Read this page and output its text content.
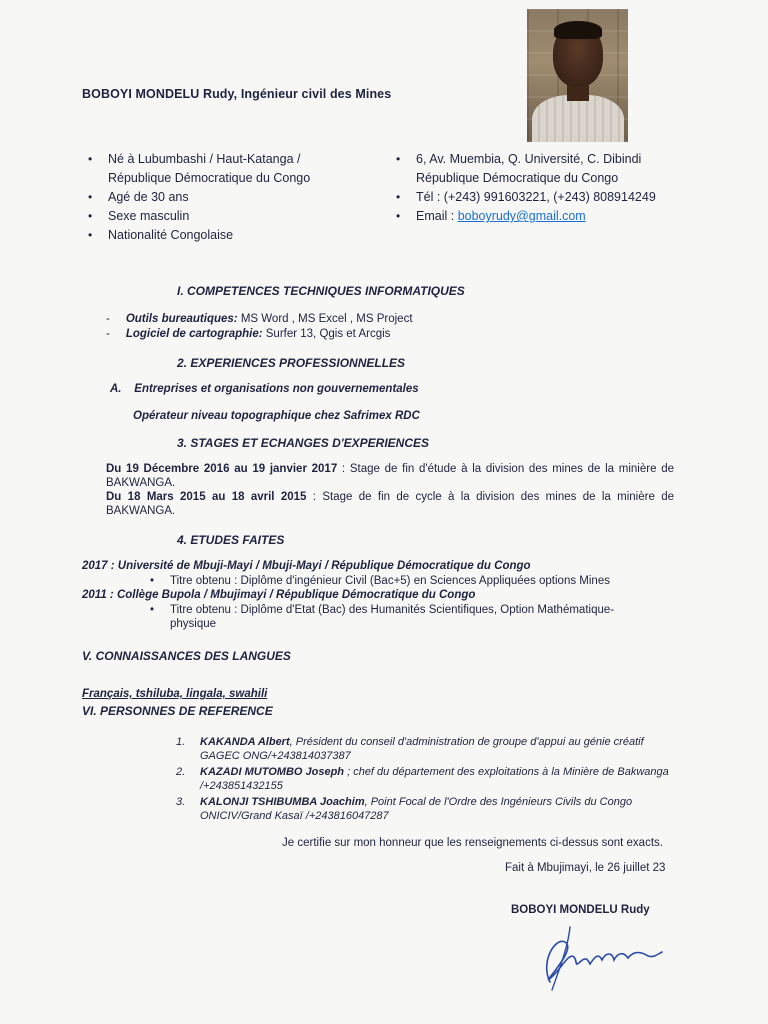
BOBOYI MONDELU Rudy, Ingénieur civil des Mines
• Né à Lubumbashi / Haut-Katanga /
République Démocratique du Congo
• Agé de 30 ans
• Sexe masculin
• Nationalité Congolaise
• 6, Av. Muembia, Q. Université, C. Dibindi
République Démocratique du Congo
• Tél : (+243) 991603221, (+243) 808914249
• Email : boboyrudy@gmail.com
I. COMPETENCES TECHNIQUES INFORMATIQUES
-     Outils bureautiques: MS Word , MS Excel , MS Project
-     Logiciel de cartographie: Surfer 13, Qgis et Arcgis
2. EXPERIENCES PROFESSIONNELLES
A. Entreprises et organisations non gouvernementales
Opérateur niveau topographique chez Safrimex RDC
3. STAGES ET ECHANGES D'EXPERIENCES
Du 19 Décembre 2016 au 19 janvier 2017 : Stage de fin d'étude à la division des mines de la minière de BAKWANGA.
Du 18 Mars 2015 au 18 avril 2015 : Stage de fin de cycle à la division des mines de la minière de BAKWANGA.
4. ETUDES FAITES
2017 : Université de Mbuji-Mayi / Mbuji-Mayi / République Démocratique du Congo
• Titre obtenu : Diplôme d'ingénieur Civil (Bac+5) en Sciences Appliquées options Mines
2011 : Collège Bupola / Mbujimayi / République Démocratique du Congo
•	Titre obtenu : Diplôme d'Etat (Bac) des Humanités Scientifiques, Option Mathématique-physique
V. CONNAISSANCES DES LANGUES
Français, tshiluba, lingala, swahili
VI. PERSONNES DE REFERENCE
1. KAKANDA Albert, Président du conseil d'administration de groupe d'appui au génie créatif GAGEC ONG/+243814037387
2. KAZADI MUTOMBO Joseph ; chef du département des exploitations à la Minière de Bakwanga /+243851432155
3. KALONJI TSHIBUMBA Joachim, Point Focal de l'Ordre des Ingénieurs Civils du Congo ONICIV/Grand Kasaï /+243816047287
Je certifie sur mon honneur que les renseignements ci-dessus sont exacts.
Fait à Mbujimayi, le 26 juillet 23
BOBOYI MONDELU Rudy
